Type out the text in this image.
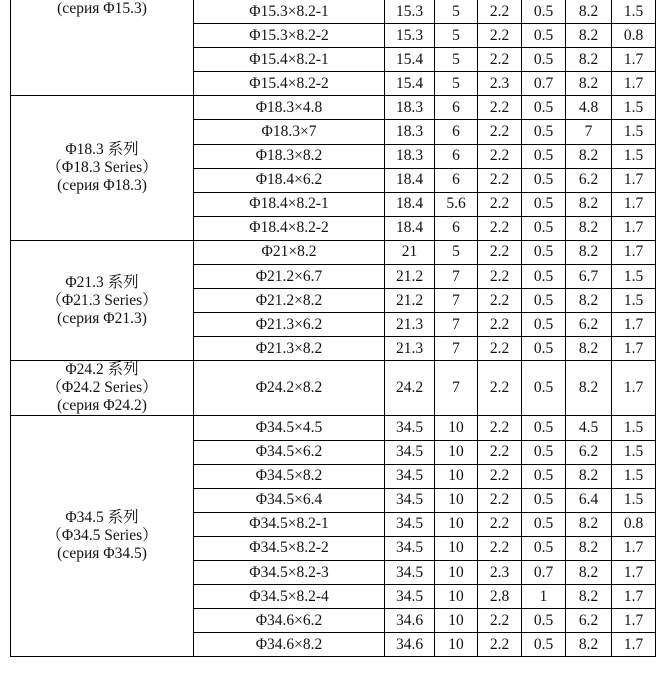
(серия Φ15.3)	Φ15.3×8.2-1	15.3	5	2.2	0.5	8.2	1.5
	Φ15.3×8.2-2	15.3	5	2.2	0.5	8.2	0.8
	Φ15.4×8.2-1	15.4	5	2.2	0.5	8.2	1.7
	Φ15.4×8.2-2	15.4	5	2.3	0.7	8.2	1.7

Φ18.3 系列
（Φ18.3 Series）
(серия Φ18.3)	Φ18.3×4.8	18.3	6	2.2	0.5	4.8	1.5
	Φ18.3×7	18.3	6	2.2	0.5	7	1.5
	Φ18.3×8.2	18.3	6	2.2	0.5	8.2	1.5
	Φ18.4×6.2	18.4	6	2.2	0.5	6.2	1.7
	Φ18.4×8.2-1	18.4	5.6	2.2	0.5	8.2	1.7
	Φ18.4×8.2-2	18.4	6	2.2	0.5	8.2	1.7

Φ21.3 系列
（Φ21.3 Series）
(серия Φ21.3)	Φ21×8.2	21	5	2.2	0.5	8.2	1.7
	Φ21.2×6.7	21.2	7	2.2	0.5	6.7	1.5
	Φ21.2×8.2	21.2	7	2.2	0.5	8.2	1.5
	Φ21.3×6.2	21.3	7	2.2	0.5	6.2	1.7
	Φ21.3×8.2	21.3	7	2.2	0.5	8.2	1.7

Φ24.2 系列
（Φ24.2 Series）
(серия Φ24.2)	Φ24.2×8.2	24.2	7	2.2	0.5	8.2	1.7

Φ34.5 系列
（Φ34.5 Series）
(серия Φ34.5)	Φ34.5×4.5	34.5	10	2.2	0.5	4.5	1.5
	Φ34.5×6.2	34.5	10	2.2	0.5	6.2	1.5
	Φ34.5×8.2	34.5	10	2.2	0.5	8.2	1.5
	Φ34.5×6.4	34.5	10	2.2	0.5	6.4	1.5
	Φ34.5×8.2-1	34.5	10	2.2	0.5	8.2	0.8
	Φ34.5×8.2-2	34.5	10	2.2	0.5	8.2	1.7
	Φ34.5×8.2-3	34.5	10	2.3	0.7	8.2	1.7
	Φ34.5×8.2-4	34.5	10	2.8	1	8.2	1.7
	Φ34.6×6.2	34.6	10	2.2	0.5	6.2	1.7
	Φ34.6×8.2	34.6	10	2.2	0.5	8.2	1.7
